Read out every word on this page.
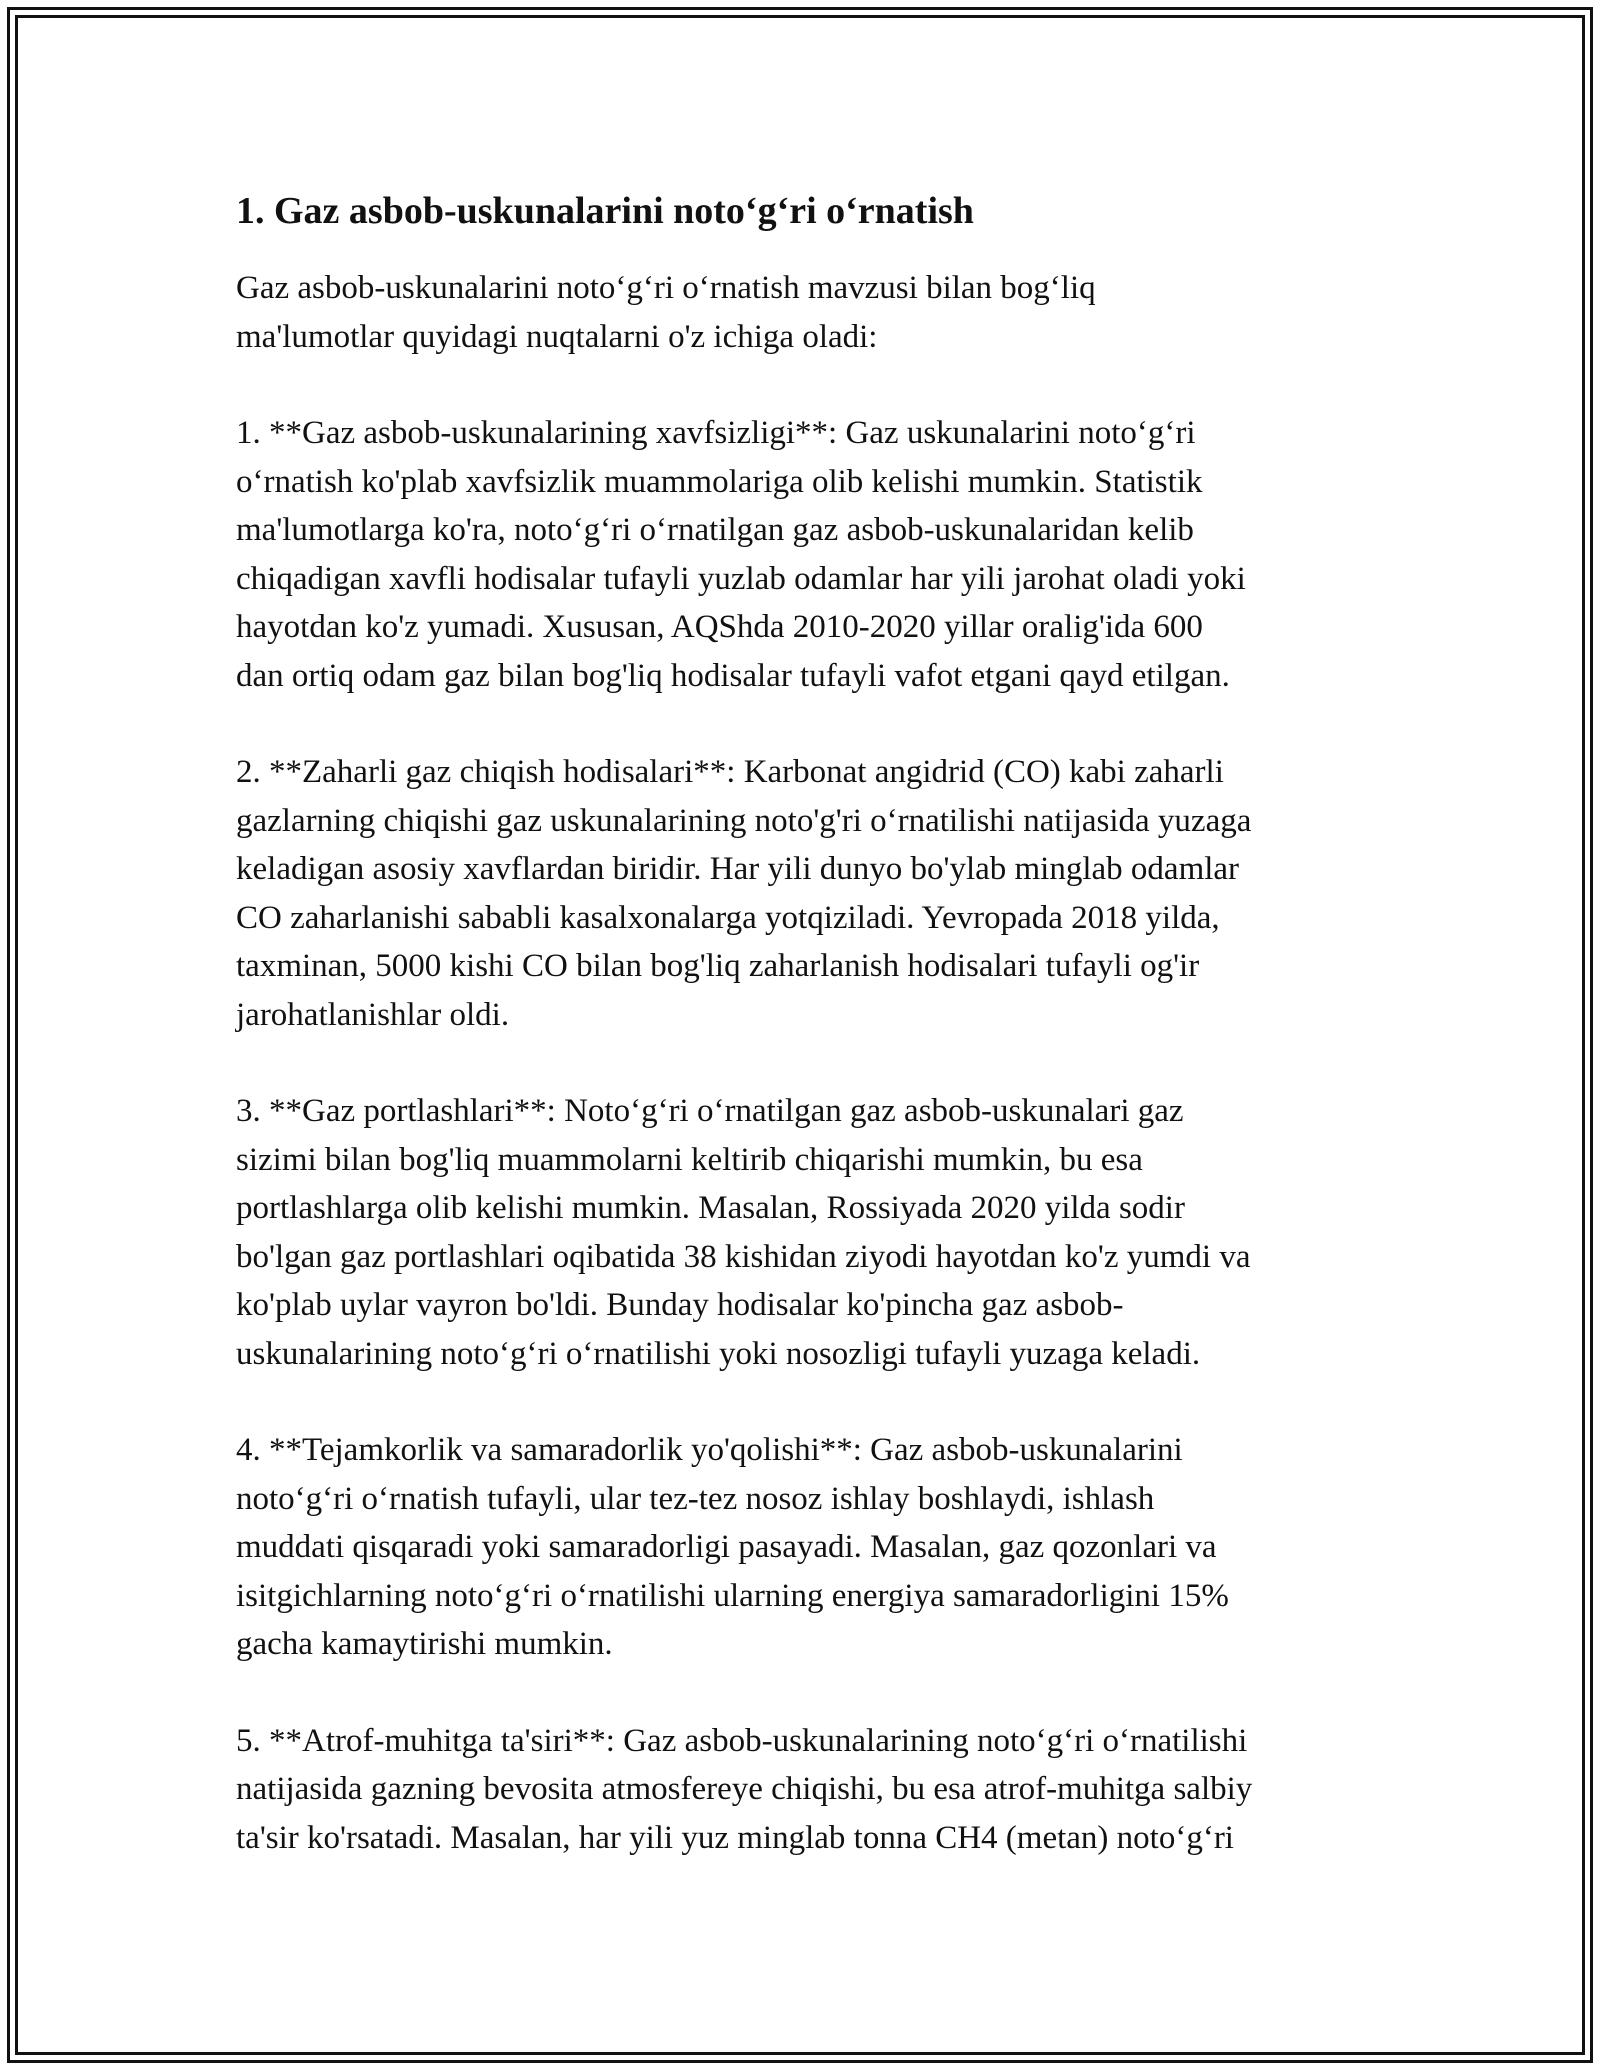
1. Gaz asbob-uskunalarini noto‘g‘ri o‘rnatish

Gaz asbob-uskunalarini noto‘g‘ri o‘rnatish mavzusi bilan bog‘liq
ma'lumotlar quyidagi nuqtalarni o'z ichiga oladi:

1. **Gaz asbob-uskunalarining xavfsizligi**: Gaz uskunalarini noto‘g‘ri
o‘rnatish ko'plab xavfsizlik muammolariga olib kelishi mumkin. Statistik
ma'lumotlarga ko'ra, noto‘g‘ri o‘rnatilgan gaz asbob-uskunalaridan kelib
chiqadigan xavfli hodisalar tufayli yuzlab odamlar har yili jarohat oladi yoki
hayotdan ko'z yumadi. Xususan, AQShda 2010-2020 yillar oralig'ida 600
dan ortiq odam gaz bilan bog'liq hodisalar tufayli vafot etgani qayd etilgan.

2. **Zaharli gaz chiqish hodisalari**: Karbonat angidrid (CO) kabi zaharli
gazlarning chiqishi gaz uskunalarining noto'g'ri o‘rnatilishi natijasida yuzaga
keladigan asosiy xavflardan biridir. Har yili dunyo bo'ylab minglab odamlar
CO zaharlanishi sababli kasalxonalarga yotqiziladi. Yevropada 2018 yilda,
taxminan, 5000 kishi CO bilan bog'liq zaharlanish hodisalari tufayli og'ir
jarohatlanishlar oldi.

3. **Gaz portlashlari**: Noto‘g‘ri o‘rnatilgan gaz asbob-uskunalari gaz
sizimi bilan bog'liq muammolarni keltirib chiqarishi mumkin, bu esa
portlashlarga olib kelishi mumkin. Masalan, Rossiyada 2020 yilda sodir
bo'lgan gaz portlashlari oqibatida 38 kishidan ziyodi hayotdan ko'z yumdi va
ko'plab uylar vayron bo'ldi. Bunday hodisalar ko'pincha gaz asbob-
uskunalarining noto‘g‘ri o‘rnatilishi yoki nosozligi tufayli yuzaga keladi.

4. **Tejamkorlik va samaradorlik yo'qolishi**: Gaz asbob-uskunalarini
noto‘g‘ri o‘rnatish tufayli, ular tez-tez nosoz ishlay boshlaydi, ishlash
muddati qisqaradi yoki samaradorligi pasayadi. Masalan, gaz qozonlari va
isitgichlarning noto‘g‘ri o‘rnatilishi ularning energiya samaradorligini 15%
gacha kamaytirishi mumkin.

5. **Atrof-muhitga ta'siri**: Gaz asbob-uskunalarining noto‘g‘ri o‘rnatilishi
natijasida gazning bevosita atmosfereye chiqishi, bu esa atrof-muhitga salbiy
ta'sir ko'rsatadi. Masalan, har yili yuz minglab tonna CH4 (metan) noto‘g‘ri
